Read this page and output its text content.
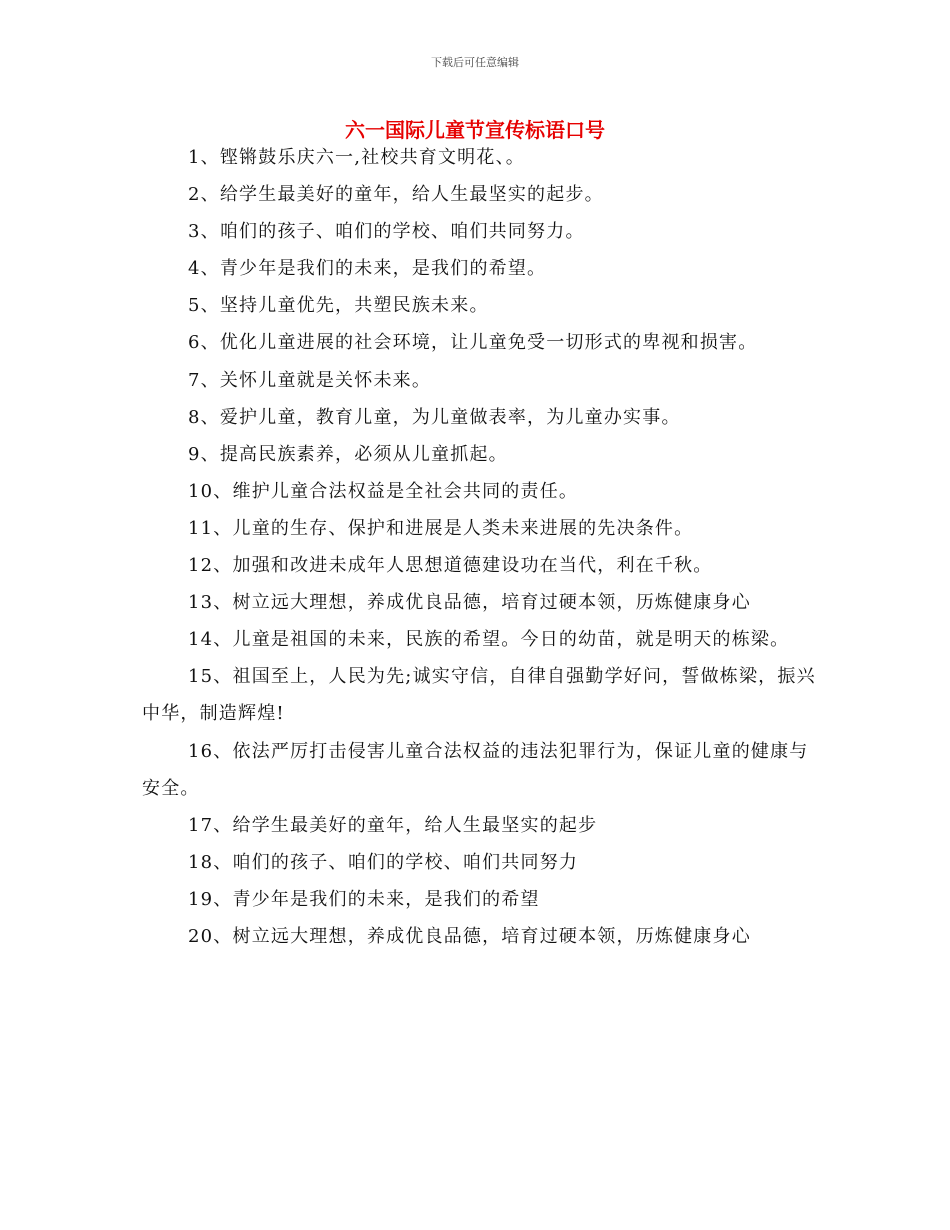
下载后可任意编辑
六一国际儿童节宣传标语口号
1、铿锵鼓乐庆六一,社校共育文明花、。
2、给学生最美好的童年，给人生最坚实的起步。
3、咱们的孩子、咱们的学校、咱们共同努力。
4、青少年是我们的未来，是我们的希望。
5、坚持儿童优先，共塑民族未来。
6、优化儿童进展的社会环境，让儿童免受一切形式的卑视和损害。
7、关怀儿童就是关怀未来。
8、爱护儿童，教育儿童，为儿童做表率，为儿童办实事。
9、提高民族素养，必须从儿童抓起。
10、维护儿童合法权益是全社会共同的责任。
11、儿童的生存、保护和进展是人类未来进展的先决条件。
12、加强和改进未成年人思想道德建设功在当代，利在千秋。
13、树立远大理想，养成优良品德，培育过硬本领，历炼健康身心
14、儿童是祖国的未来，民族的希望。今日的幼苗，就是明天的栋梁。
15、祖国至上，人民为先;诚实守信，自律自强勤学好问，誓做栋梁，振兴中华，制造辉煌!
16、依法严厉打击侵害儿童合法权益的违法犯罪行为，保证儿童的健康与安全。
17、给学生最美好的童年，给人生最坚实的起步
18、咱们的孩子、咱们的学校、咱们共同努力
19、青少年是我们的未来，是我们的希望
20、树立远大理想，养成优良品德，培育过硬本领，历炼健康身心
